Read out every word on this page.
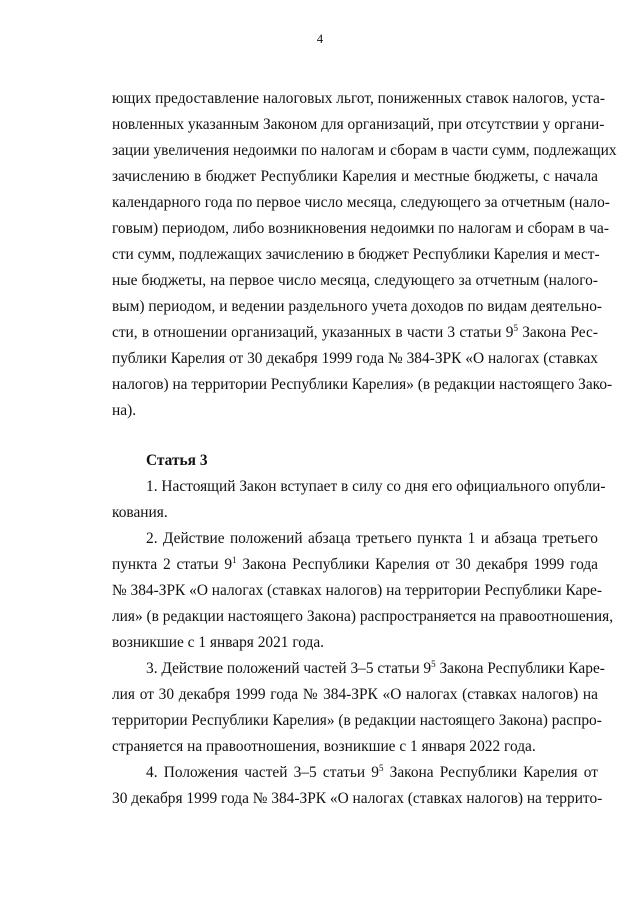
4
ющих предоставление налоговых льгот, пониженных ставок налогов, уста-
новленных указанным Законом для организаций, при отсутствии у органи-
зации увеличения недоимки по налогам и сборам в части сумм, подлежащих
зачислению в бюджет Республики Карелия и местные бюджеты, с начала
календарного года по первое число месяца, следующего за отчетным (нало-
говым) периодом, либо возникновения недоимки по налогам и сборам в ча-
сти сумм, подлежащих зачислению в бюджет Республики Карелия и мест-
ные бюджеты, на первое число месяца, следующего за отчетным (налого-
вым) периодом, и ведении раздельного учета доходов по видам деятельно-
сти, в отношении организаций, указанных в части 3 статьи $9^5$ Закона Рес-
публики Карелия от 30 декабря 1999 года № 384-ЗРК «О налогах (ставках
налогов) на территории Республики Карелия» (в редакции настоящего Зако-
на).
Статья 3
1. Настоящий Закон вступает в силу со дня его официального опубли-
кования.
2. Действие положений абзаца третьего пункта 1 и абзаца третьего
пункта 2 статьи $9^1$ Закона Республики Карелия от 30 декабря 1999 года
№ 384-ЗРК «О налогах (ставках налогов) на территории Республики Каре-
лия» (в редакции настоящего Закона) распространяется на правоотношения,
возникшие с 1 января 2021 года.
3. Действие положений частей 3–5 статьи $9^5$ Закона Республики Каре-
лия от 30 декабря 1999 года № 384-ЗРК «О налогах (ставках налогов) на
территории Республики Карелия» (в редакции настоящего Закона) распро-
страняется на правоотношения, возникшие с 1 января 2022 года.
4. Положения частей 3–5 статьи $9^5$ Закона Республики Карелия от
30 декабря 1999 года № 384-ЗРК «О налогах (ставках налогов) на террито-
